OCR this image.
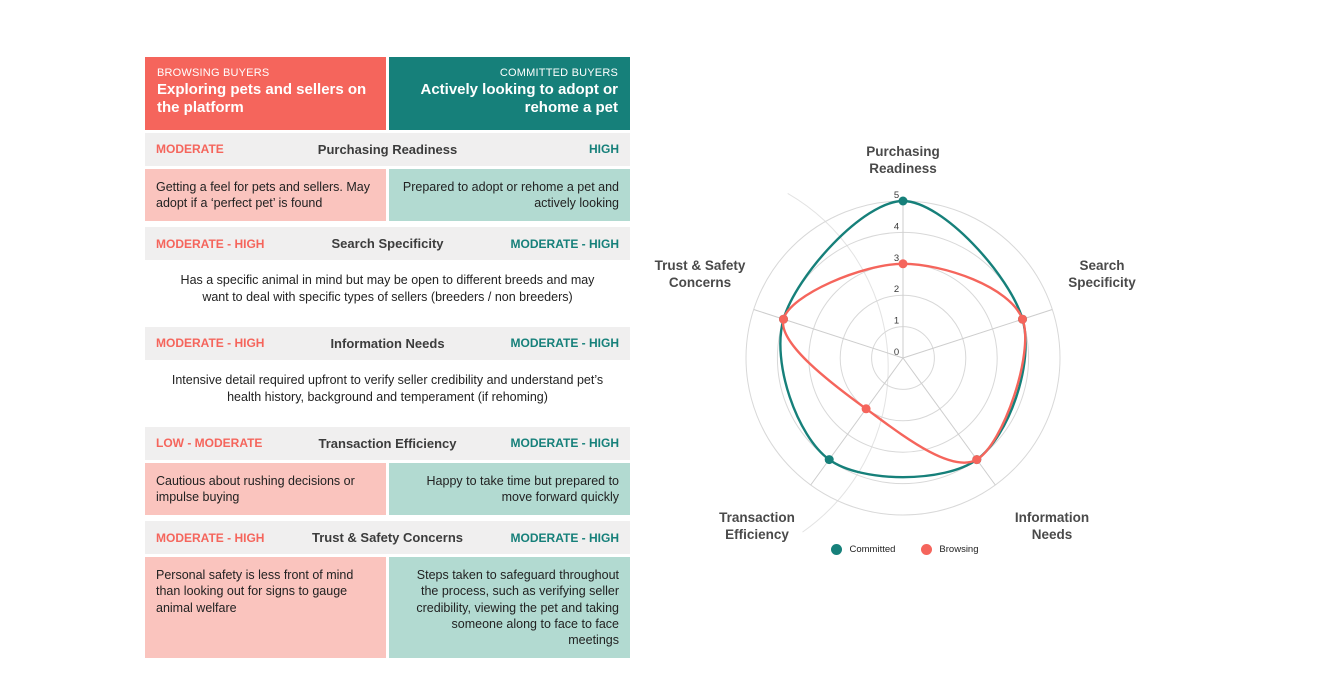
BROWSING BUYERS
Exploring pets and sellers on the platform
COMMITTED BUYERS
Actively looking to adopt or rehome a pet
MODERATE	Purchasing Readiness	HIGH
Getting a feel for pets and sellers. May adopt if a ‘perfect pet’ is found
Prepared to adopt or rehome a pet and actively looking
MODERATE - HIGH	Search Specificity	MODERATE - HIGH
Has a specific animal in mind but may be open to different breeds and may want to deal with specific types of sellers (breeders / non breeders)
MODERATE - HIGH	Information Needs	MODERATE - HIGH
Intensive detail required upfront to verify seller credibility and understand pet’s health history, background and temperament (if rehoming)
LOW - MODERATE	Transaction Efficiency	MODERATE - HIGH
Cautious about rushing decisions or impulse buying
Happy to take time but prepared to move forward quickly
MODERATE - HIGH	Trust & Safety Concerns	MODERATE - HIGH
Personal safety is less front of mind than looking out for signs to gauge animal welfare
Steps taken to safeguard throughout the process, such as verifying seller credibility, viewing the pet and taking someone along to face to face meetings
0
1
2
3
4
5
Purchasing Readiness
Search Specificity
Information Needs
Transaction Efficiency
Trust & Safety Concerns
Committed	Browsing
